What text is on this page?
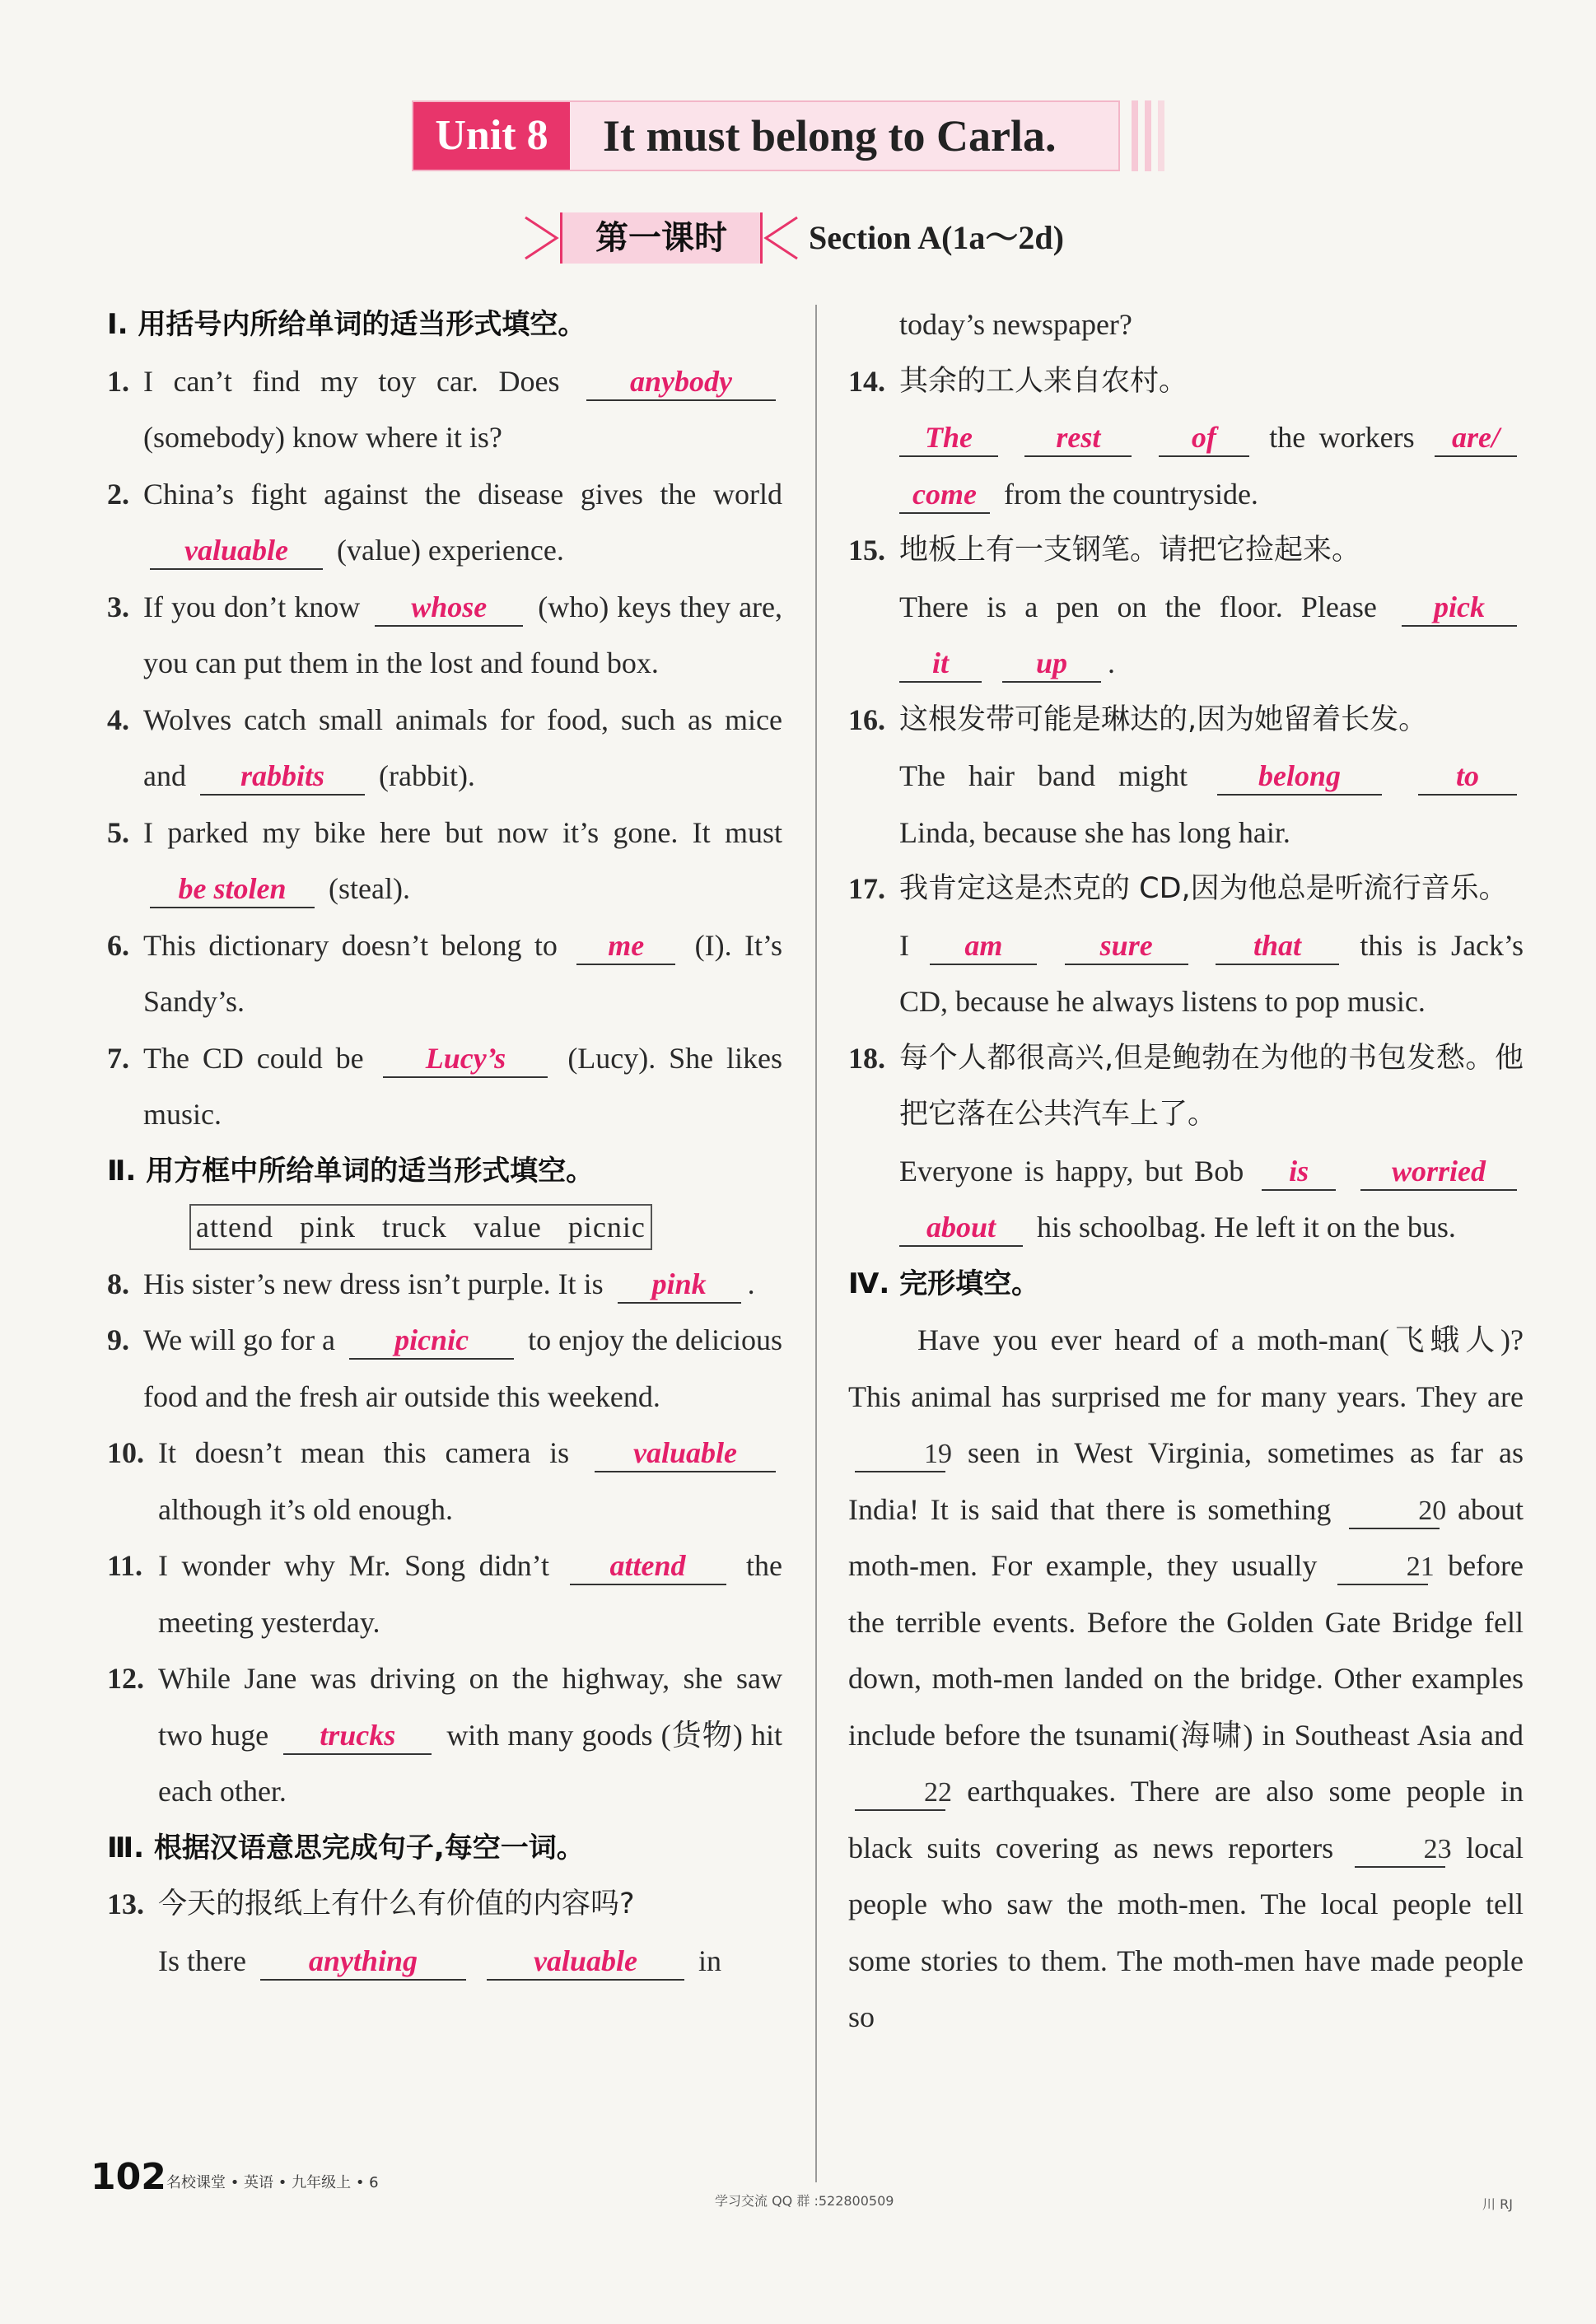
Unit 8	It must belong to Carla.
第一课时	Section A(1a～2d)
Ⅰ. 用括号内所给单词的适当形式填空。
1. I can’t find my toy car. Does anybody (somebody) know where it is?
2. China’s fight against the disease gives the world valuable (value) experience.
3. If you don’t know whose (who) keys they are, you can put them in the lost and found box.
4. Wolves catch small animals for food, such as mice and rabbits (rabbit).
5. I parked my bike here but now it’s gone. It must be stolen (steal).
6. This dictionary doesn’t belong to me (I). It’s Sandy’s.
7. The CD could be Lucy’s (Lucy). She likes music.
Ⅱ. 用方框中所给单词的适当形式填空。
attend pink truck value picnic
8. His sister’s new dress isn’t purple. It is pink .
9. We will go for a picnic to enjoy the delicious food and the fresh air outside this weekend.
10. It doesn’t mean this camera is valuable although it’s old enough.
11. I wonder why Mr. Song didn’t attend the meeting yesterday.
12. While Jane was driving on the highway, she saw two huge trucks with many goods (货物) hit each other.
Ⅲ. 根据汉语意思完成句子,每空一词。
13. 今天的报纸上有什么有价值的内容吗?
Is there anything	valuable in
today’s newspaper?
14. 其余的工人来自农村。
The	rest	of the workers are/ come from the countryside.
15. 地板上有一支钢笔。请把它捡起来。
There is a pen on the floor. Please pick it	up .
16. 这根发带可能是琳达的,因为她留着长发。
The hair band might belong	to Linda, because she has long hair.
17. 我肯定这是杰克的 CD,因为他总是听流行音乐。
I am	sure	that this is Jack’s CD, because he always listens to pop music.
18. 每个人都很高兴,但是鲍勃在为他的书包发愁。他把它落在公共汽车上了。
Everyone is happy, but Bob is	worried about his schoolbag. He left it on the bus.
Ⅳ. 完形填空。

Have you ever heard of a moth-man(飞蛾人)? This animal has surprised me for many years. They are 19 seen in West Virginia, sometimes as far as India! It is said that there is something	20 about moth-men. For example, they usually	21 before the terrible events. Before the Golden Gate Bridge fell down, moth-men landed on the bridge. Other examples include before the tsunami(海啸) in Southeast Asia and 22 earthquakes. There are also some people in black suits covering as news reporters	23 local people who saw the moth-men. The local people tell some stories to them. The moth-men have made people so

102 名校课堂 • 英语 • 九年级上 • 6
学习交流 QQ 群 :522800509	川 RJ
